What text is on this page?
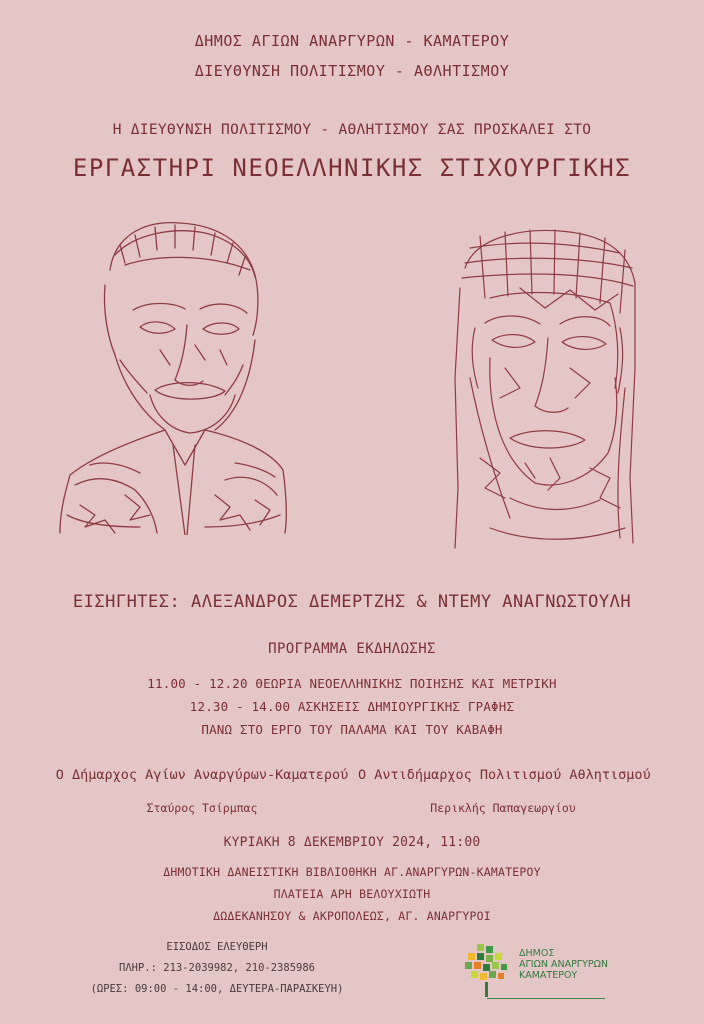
ΔΗΜΟΣ ΑΓΙΩΝ ΑΝΑΡΓΥΡΩΝ - ΚΑΜΑΤΕΡΟΥ
ΔΙΕΥΘΥΝΣΗ ΠΟΛΙΤΙΣΜΟΥ - ΑΘΛΗΤΙΣΜΟΥ
Η ΔΙΕΥΘΥΝΣΗ ΠΟΛΙΤΙΣΜΟΥ - ΑΘΛΗΤΙΣΜΟΥ ΣΑΣ ΠΡΟΣΚΑΛΕΙ ΣΤΟ
ΕΡΓΑΣΤΗΡΙ ΝΕΟΕΛΛΗΝΙΚΗΣ ΣΤΙΧΟΥΡΓΙΚΗΣ
ΕΙΣΗΓΗΤΕΣ: ΑΛΕΞΑΝΔΡΟΣ ΔΕΜΕΡΤΖΗΣ & ΝΤΕΜΥ ΑΝΑΓΝΩΣΤΟΥΛΗ
ΠΡΟΓΡΑΜΜΑ ΕΚΔΗΛΩΣΗΣ
11.00 - 12.20 ΘΕΩΡΙΑ ΝΕΟΕΛΛΗΝΙΚΗΣ ΠΟΙΗΣΗΣ ΚΑΙ ΜΕΤΡΙΚΗ
12.30 - 14.00 ΑΣΚΗΣΕΙΣ ΔΗΜΙΟΥΡΓΙΚΗΣ ΓΡΑΦΗΣ
ΠΑΝΩ ΣΤΟ ΕΡΓΟ ΤΟΥ ΠΑΛΑΜΑ ΚΑΙ ΤΟΥ ΚΑΒΑΦΗ
Ο Δήμαρχος Αγίων Αναργύρων-Καματερού
Σταύρος Τσίρμπας
Ο Αντιδήμαρχος Πολιτισμού Αθλητισμού
Περικλής Παπαγεωργίου
ΚΥΡΙΑΚΗ 8 ΔΕΚΕΜΒΡΙΟΥ 2024, 11:00
ΔΗΜΟΤΙΚΗ ΔΑΝΕΙΣΤΙΚΗ ΒΙΒΛΙΟΘΗΚΗ ΑΓ.ΑΝΑΡΓΥΡΩΝ-ΚΑΜΑΤΕΡΟΥ
ΠΛΑΤΕΙΑ ΑΡΗ ΒΕΛΟΥΧΙΩΤΗ
ΔΩΔΕΚΑΝΗΣΟΥ & ΑΚΡΟΠΟΛΕΩΣ, ΑΓ. ΑΝΑΡΓΥΡΟΙ
ΕΙΣΟΔΟΣ ΕΛΕΥΘΕΡΗ
ΠΛΗΡ.: 213-2039982, 210-2385986
(ΩΡΕΣ: 09:00 - 14:00, ΔΕΥΤΕΡΑ-ΠΑΡΑΣΚΕΥΗ)
ΔΗΜΟΣ
ΑΓΙΩΝ ΑΝΑΡΓΥΡΩΝ
ΚΑΜΑΤΕΡΟΥ
